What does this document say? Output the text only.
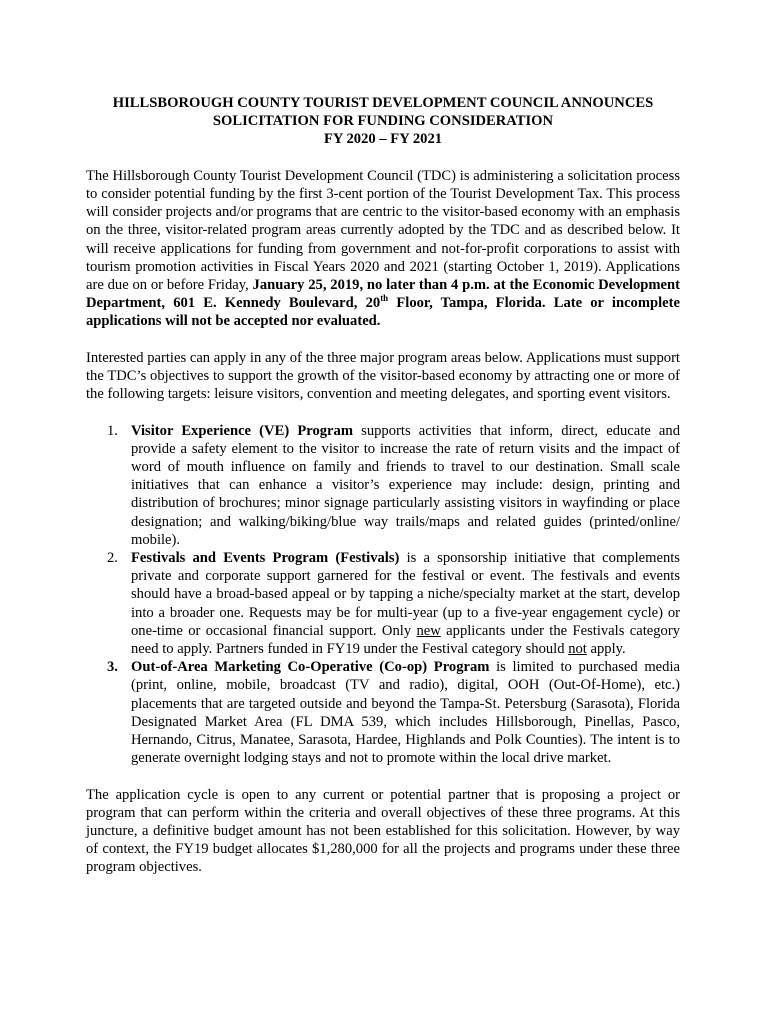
HILLSBOROUGH COUNTY TOURIST DEVELOPMENT COUNCIL ANNOUNCES
SOLICITATION FOR FUNDING CONSIDERATION
FY 2020 – FY 2021

The Hillsborough County Tourist Development Council (TDC) is administering a solicitation process to consider potential funding by the first 3-cent portion of the Tourist Development Tax. This process will consider projects and/or programs that are centric to the visitor-based economy with an emphasis on the three, visitor-related program areas currently adopted by the TDC and as described below. It will receive applications for funding from government and not-for-profit corporations to assist with tourism promotion activities in Fiscal Years 2020 and 2021 (starting October 1, 2019). Applications are due on or before Friday, January 25, 2019, no later than 4 p.m. at the Economic Development Department, 601 E. Kennedy Boulevard, 20th Floor, Tampa, Florida. Late or incomplete applications will not be accepted nor evaluated.

Interested parties can apply in any of the three major program areas below. Applications must support the TDC’s objectives to support the growth of the visitor-based economy by attracting one or more of the following targets: leisure visitors, convention and meeting delegates, and sporting event visitors.

1. Visitor Experience (VE) Program supports activities that inform, direct, educate and provide a safety element to the visitor to increase the rate of return visits and the impact of word of mouth influence on family and friends to travel to our destination. Small scale initiatives that can enhance a visitor’s experience may include: design, printing and distribution of brochures; minor signage particularly assisting visitors in wayfinding or place designation; and walking/biking/blue way trails/maps and related guides (printed/online/ mobile).
2. Festivals and Events Program (Festivals) is a sponsorship initiative that complements private and corporate support garnered for the festival or event. The festivals and events should have a broad-based appeal or by tapping a niche/specialty market at the start, develop into a broader one. Requests may be for multi-year (up to a five-year engagement cycle) or one-time or occasional financial support. Only new applicants under the Festivals category need to apply. Partners funded in FY19 under the Festival category should not apply.
3. Out-of-Area Marketing Co-Operative (Co-op) Program is limited to purchased media (print, online, mobile, broadcast (TV and radio), digital, OOH (Out-Of-Home), etc.) placements that are targeted outside and beyond the Tampa-St. Petersburg (Sarasota), Florida Designated Market Area (FL DMA 539, which includes Hillsborough, Pinellas, Pasco, Hernando, Citrus, Manatee, Sarasota, Hardee, Highlands and Polk Counties). The intent is to generate overnight lodging stays and not to promote within the local drive market.

The application cycle is open to any current or potential partner that is proposing a project or program that can perform within the criteria and overall objectives of these three programs. At this juncture, a definitive budget amount has not been established for this solicitation. However, by way of context, the FY19 budget allocates $1,280,000 for all the projects and programs under these three program objectives.
